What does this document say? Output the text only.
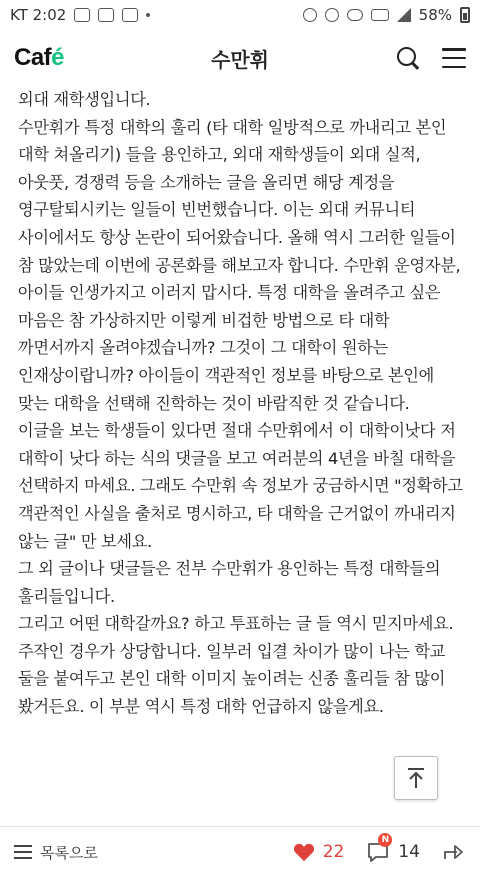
KT 2:02	58%
Café	수만휘

외대 재학생입니다.

수만휘가 특정 대학의 훌리 (타 대학 일방적으로 까내리고 본인 대학 쳐올리기) 들을 용인하고, 외대 재학생들이 외대 실적, 아웃풋, 경쟁력 등을 소개하는 글을 올리면 해당 계정을 영구탈퇴시키는 일들이 빈번했습니다. 이는 외대 커뮤니티 사이에서도 항상 논란이 되어왔습니다. 올해 역시 그러한 일들이 참 많았는데 이번에 공론화를 해보고자 합니다. 수만휘 운영자분, 아이들 인생가지고 이러지 맙시다. 특정 대학을 올려주고 싶은 마음은 참 가상하지만 이렇게 비겁한 방법으로 타 대학 까면서까지 올려야겠습니까? 그것이 그 대학이 원하는 인재상이랍니까? 아이들이 객관적인 정보를 바탕으로 본인에 맞는 대학을 선택해 진학하는 것이 바람직한 것 같습니다.

이글을 보는 학생들이 있다면 절대 수만휘에서 이 대학이낫다 저 대학이 낫다 하는 식의 댓글을 보고 여러분의 4년을 바칠 대학을 선택하지 마세요. 그래도 수만휘 속 정보가 궁금하시면 "정확하고 객관적인 사실을 출처로 명시하고, 타 대학을 근거없이 까내리지 않는 글" 만 보세요.

그 외 글이나 댓글들은 전부 수만휘가 용인하는 특정 대학들의 훌리들입니다.

그리고 어떤 대학갈까요? 하고 투표하는 글 들 역시 믿지마세요. 주작인 경우가 상당합니다. 일부러 입결 차이가 많이 나는 학교 둘을 붙여두고 본인 대학 이미지 높이려는 신종 훌리들 참 많이 봤거든요. 이 부분 역시 특정 대학 언급하지 않을게요.

목록으로	22
N
14
